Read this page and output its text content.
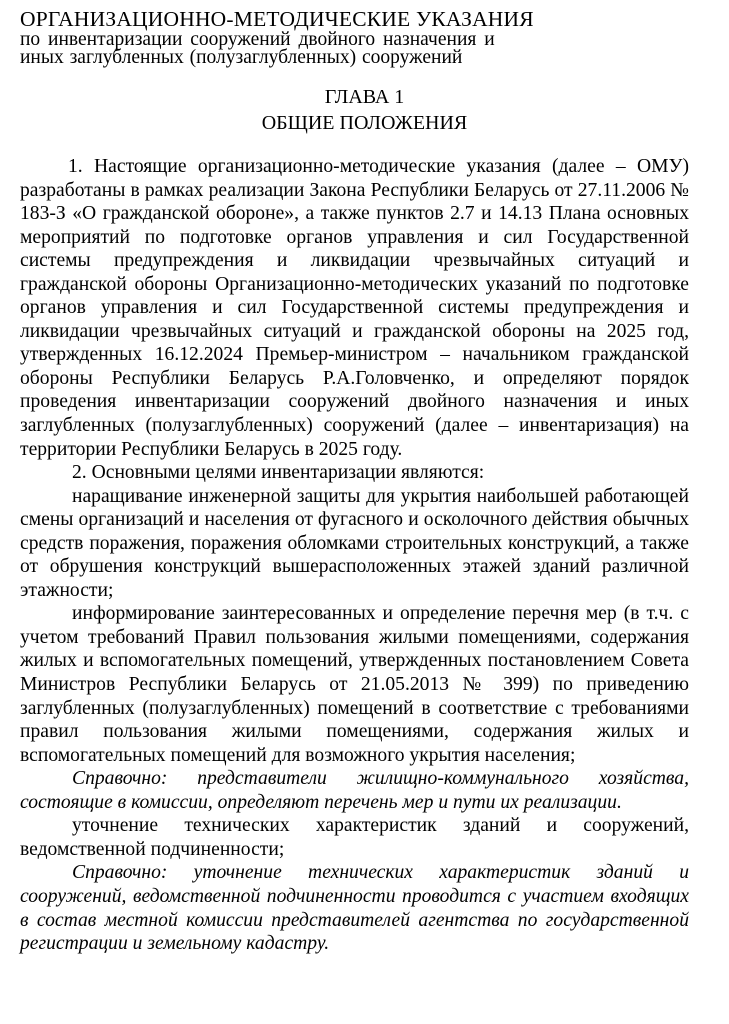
ОРГАНИЗАЦИОННО-МЕТОДИЧЕСКИЕ УКАЗАНИЯ

по инвентаризации сооружений двойного назначения и

иных заглубленных (полузаглубленных) сооружений

ГЛАВА 1

ОБЩИЕ ПОЛОЖЕНИЯ

1. Настоящие организационно-методические указания (далее – ОМУ) разработаны в рамках реализации Закона Республики Беларусь от 27.11.2006 № 183-З «О гражданской обороне», а также пунктов 2.7 и 14.13 Плана основных мероприятий по подготовке органов управления и сил Государственной системы предупреждения и ликвидации чрезвычайных ситуаций и гражданской обороны Организационно-методических указаний по подготовке органов управления и сил Государственной системы предупреждения и ликвидации чрезвычайных ситуаций и гражданской обороны на 2025 год, утвержденных 16.12.2024 Премьер-министром – начальником гражданской обороны Республики Беларусь Р.А.Головченко, и определяют порядок проведения инвентаризации сооружений двойного назначения и иных заглубленных (полузаглубленных) сооружений (далее – инвентаризация) на территории Республики Беларусь в 2025 году.

2. Основными целями инвентаризации являются:

наращивание инженерной защиты для укрытия наибольшей работающей смены организаций и населения от фугасного и осколочного действия обычных средств поражения, поражения обломками строительных конструкций, а также от обрушения конструкций вышерасположенных этажей зданий различной этажности;

информирование заинтересованных и определение перечня мер (в т.ч. с учетом требований Правил пользования жилыми помещениями, содержания жилых и вспомогательных помещений, утвержденных постановлением Совета Министров Республики Беларусь от 21.05.2013 № 399) по приведению заглубленных (полузаглубленных) помещений в соответствие с требованиями правил пользования жилыми помещениями, содержания жилых и вспомогательных помещений для возможного укрытия населения;

Справочно: представители жилищно-коммунального хозяйства, состоящие в комиссии, определяют перечень мер и пути их реализации.

уточнение технических характеристик зданий и сооружений, ведомственной подчиненности;

Справочно: уточнение технических характеристик зданий и сооружений, ведомственной подчиненности проводится с участием входящих в состав местной комиссии представителей агентства по государственной регистрации и земельному кадастру.
